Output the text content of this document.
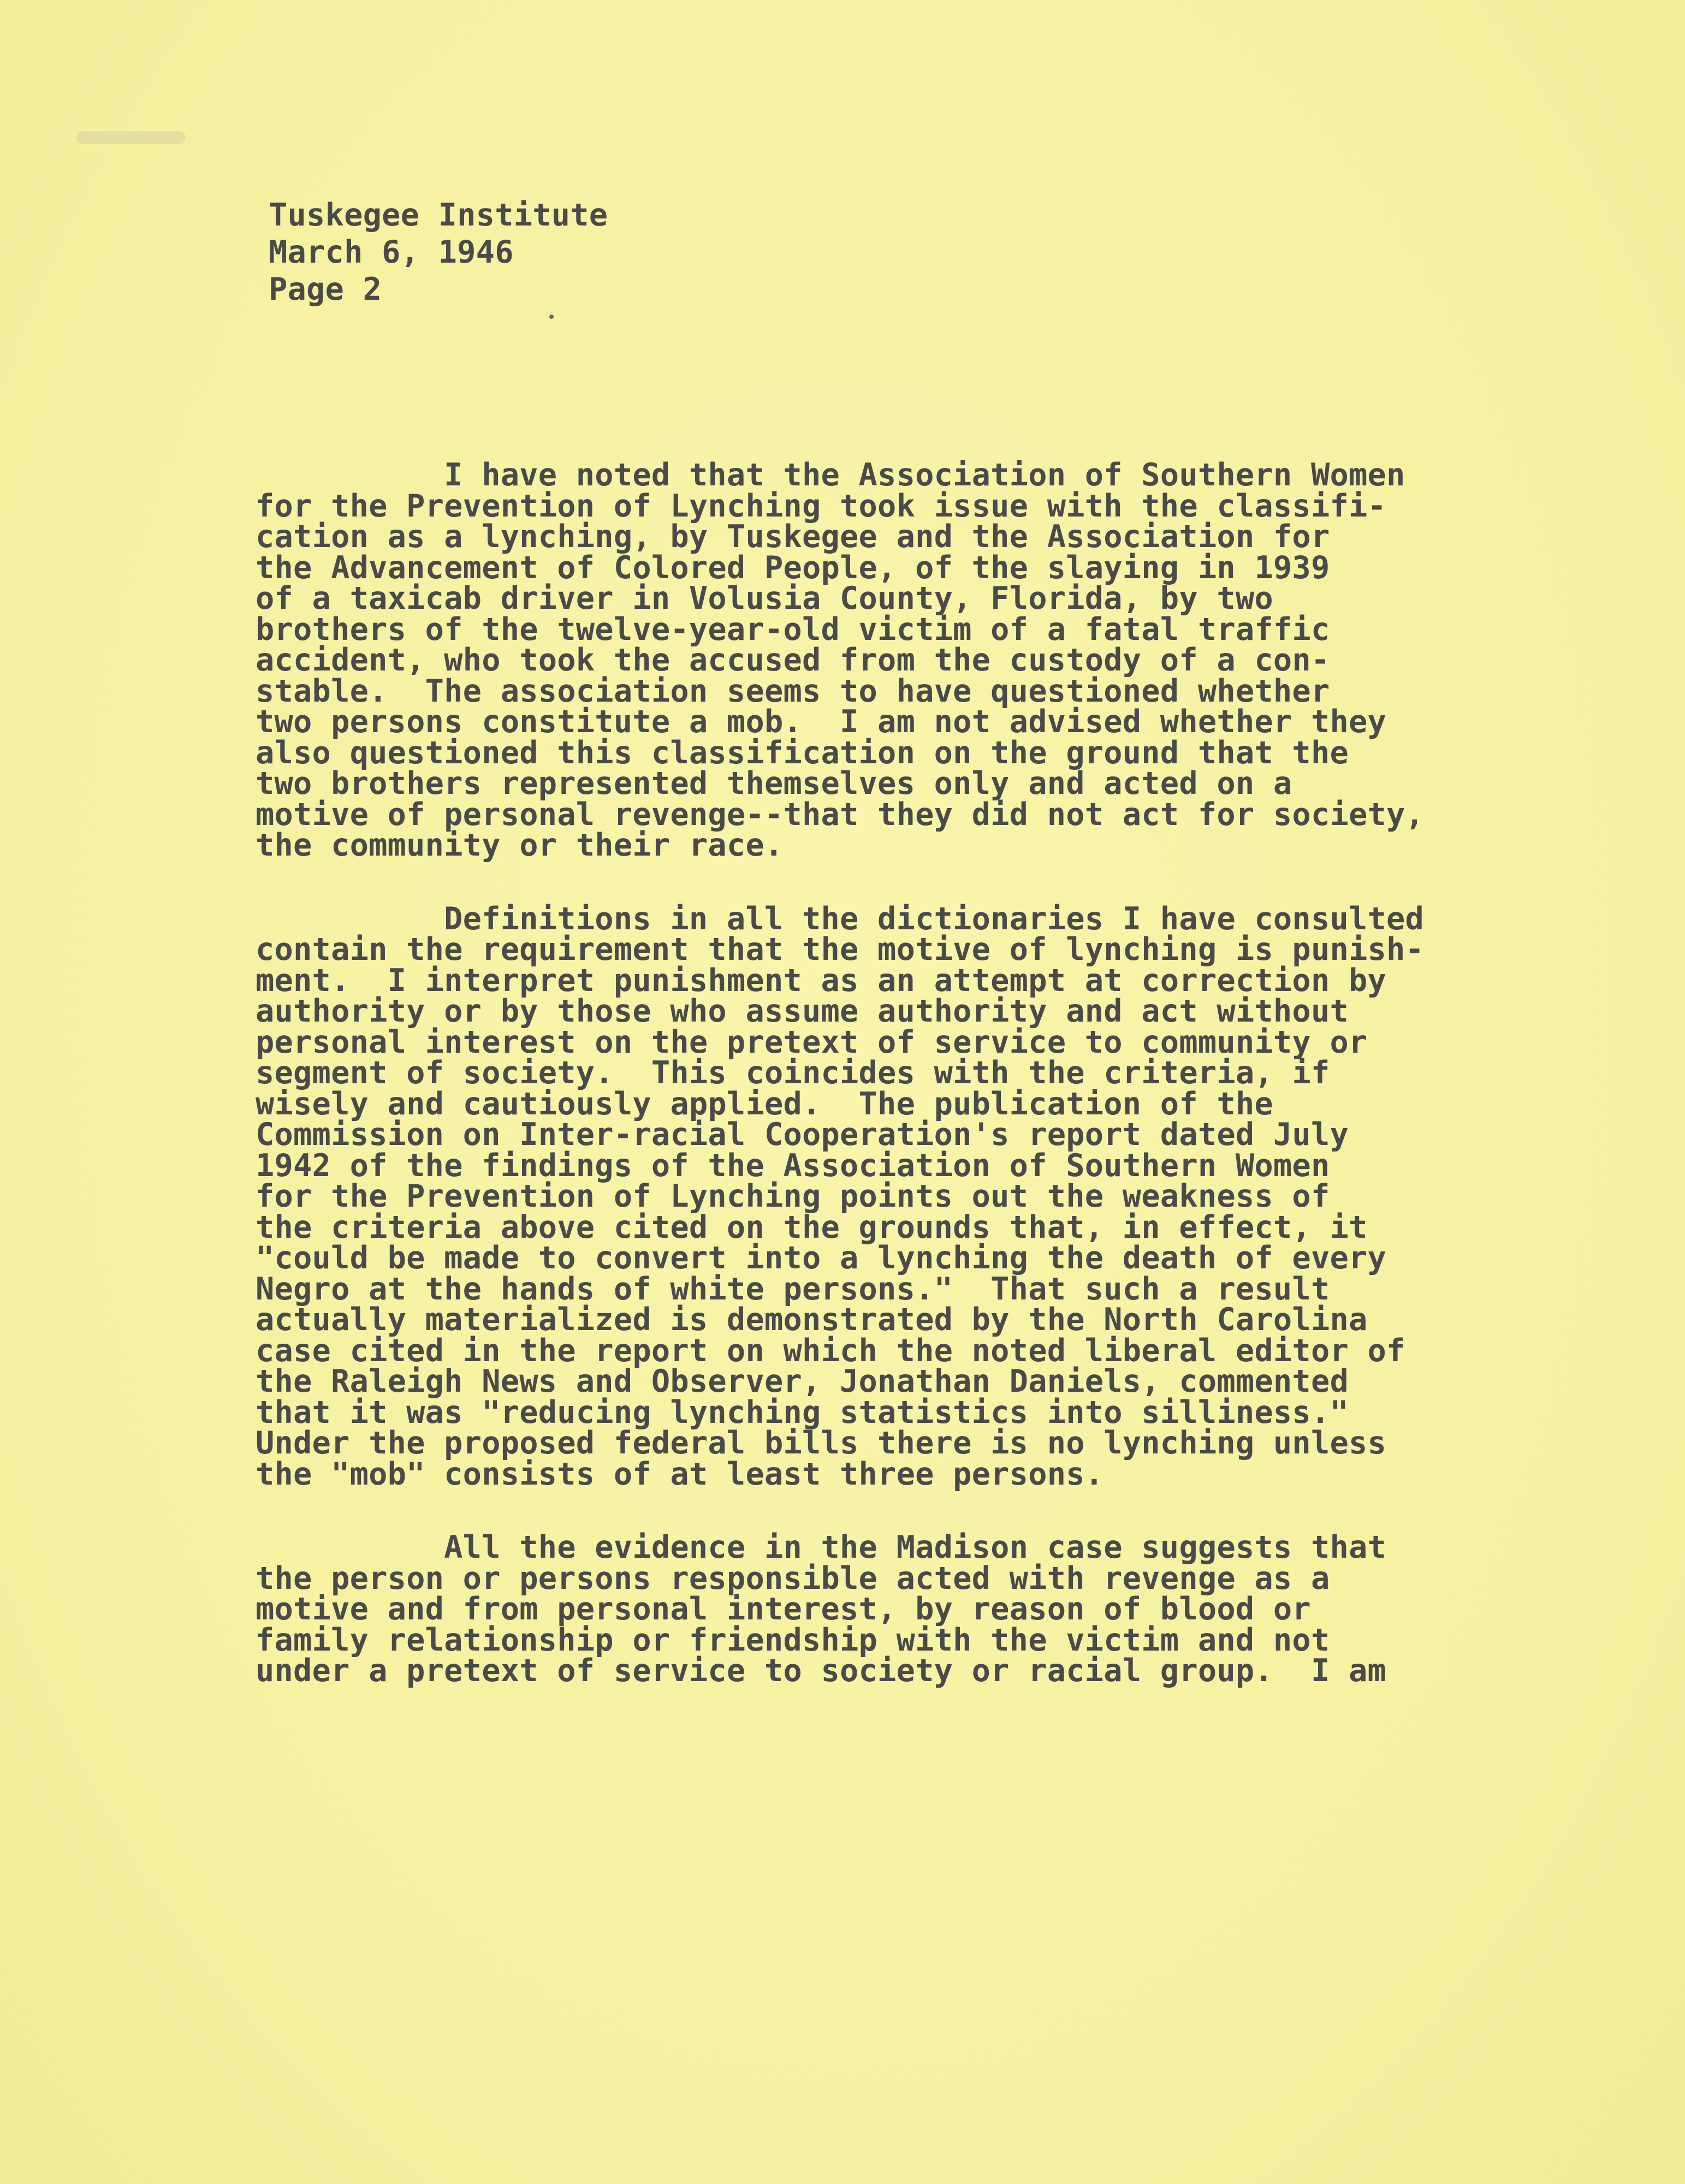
Tuskegee Institute
March 6, 1946
Page 2
I have noted that the Association of Southern Women
for the Prevention of Lynching took issue with the classifi-
cation as a lynching, by Tuskegee and the Association for
the Advancement of Colored People, of the slaying in 1939
of a taxicab driver in Volusia County, Florida, by two
brothers of the twelve-year-old victim of a fatal traffic
accident, who took the accused from the custody of a con-
stable.  The association seems to have questioned whether
two persons constitute a mob.  I am not advised whether they
also questioned this classification on the ground that the
two brothers represented themselves only and acted on a
motive of personal revenge--that they did not act for society,
the community or their race.
Definitions in all the dictionaries I have consulted
contain the requirement that the motive of lynching is punish-
ment.  I interpret punishment as an attempt at correction by
authority or by those who assume authority and act without
personal interest on the pretext of service to community or
segment of society.  This coincides with the criteria, if
wisely and cautiously applied.  The publication of the
Commission on Inter-racial Cooperation's report dated July
1942 of the findings of the Association of Southern Women
for the Prevention of Lynching points out the weakness of
the criteria above cited on the grounds that, in effect, it
"could be made to convert into a lynching the death of every
Negro at the hands of white persons."  That such a result
actually materialized is demonstrated by the North Carolina
case cited in the report on which the noted liberal editor of
the Raleigh News and Observer, Jonathan Daniels, commented
that it was "reducing lynching statistics into silliness."
Under the proposed federal bills there is no lynching unless
the "mob" consists of at least three persons.
All the evidence in the Madison case suggests that
the person or persons responsible acted with revenge as a
motive and from personal interest, by reason of blood or
family relationship or friendship with the victim and not
under a pretext of service to society or racial group.  I am
